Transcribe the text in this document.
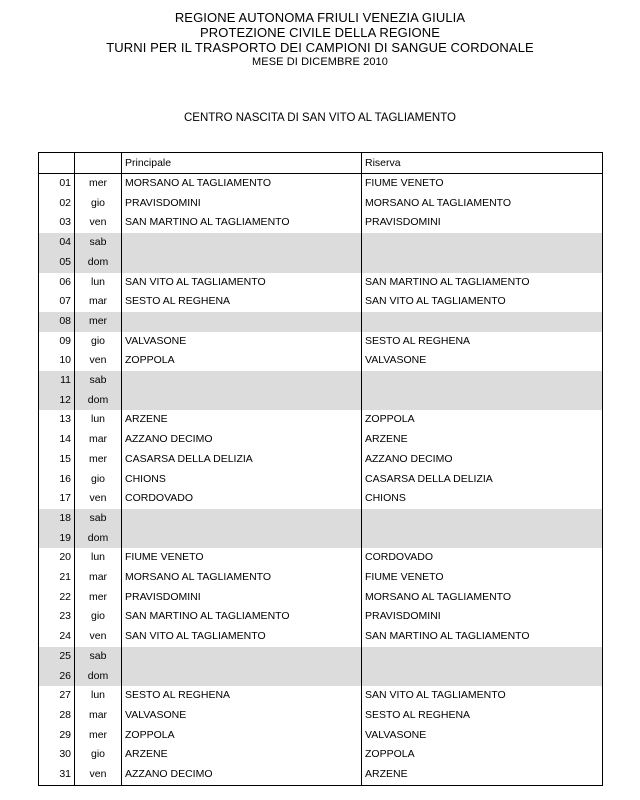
REGIONE AUTONOMA FRIULI VENEZIA GIULIA
PROTEZIONE CIVILE DELLA REGIONE
TURNI PER IL TRASPORTO DEI CAMPIONI DI SANGUE CORDONALE
MESE DI DICEMBRE 2010
CENTRO NASCITA DI SAN VITO AL TAGLIAMENTO
		Principale	Riserva
01	mer	MORSANO AL TAGLIAMENTO	FIUME VENETO
02	gio	PRAVISDOMINI	MORSANO AL TAGLIAMENTO
03	ven	SAN MARTINO AL TAGLIAMENTO	PRAVISDOMINI
04	sab		
05	dom		
06	lun	SAN VITO AL TAGLIAMENTO	SAN MARTINO AL TAGLIAMENTO
07	mar	SESTO AL REGHENA	SAN VITO AL TAGLIAMENTO
08	mer		
09	gio	VALVASONE	SESTO AL REGHENA
10	ven	ZOPPOLA	VALVASONE
11	sab		
12	dom		
13	lun	ARZENE	ZOPPOLA
14	mar	AZZANO DECIMO	ARZENE
15	mer	CASARSA DELLA DELIZIA	AZZANO DECIMO
16	gio	CHIONS	CASARSA DELLA DELIZIA
17	ven	CORDOVADO	CHIONS
18	sab		
19	dom		
20	lun	FIUME VENETO	CORDOVADO
21	mar	MORSANO AL TAGLIAMENTO	FIUME VENETO
22	mer	PRAVISDOMINI	MORSANO AL TAGLIAMENTO
23	gio	SAN MARTINO AL TAGLIAMENTO	PRAVISDOMINI
24	ven	SAN VITO AL TAGLIAMENTO	SAN MARTINO AL TAGLIAMENTO
25	sab		
26	dom		
27	lun	SESTO AL REGHENA	SAN VITO AL TAGLIAMENTO
28	mar	VALVASONE	SESTO AL REGHENA
29	mer	ZOPPOLA	VALVASONE
30	gio	ARZENE	ZOPPOLA
31	ven	AZZANO DECIMO	ARZENE
